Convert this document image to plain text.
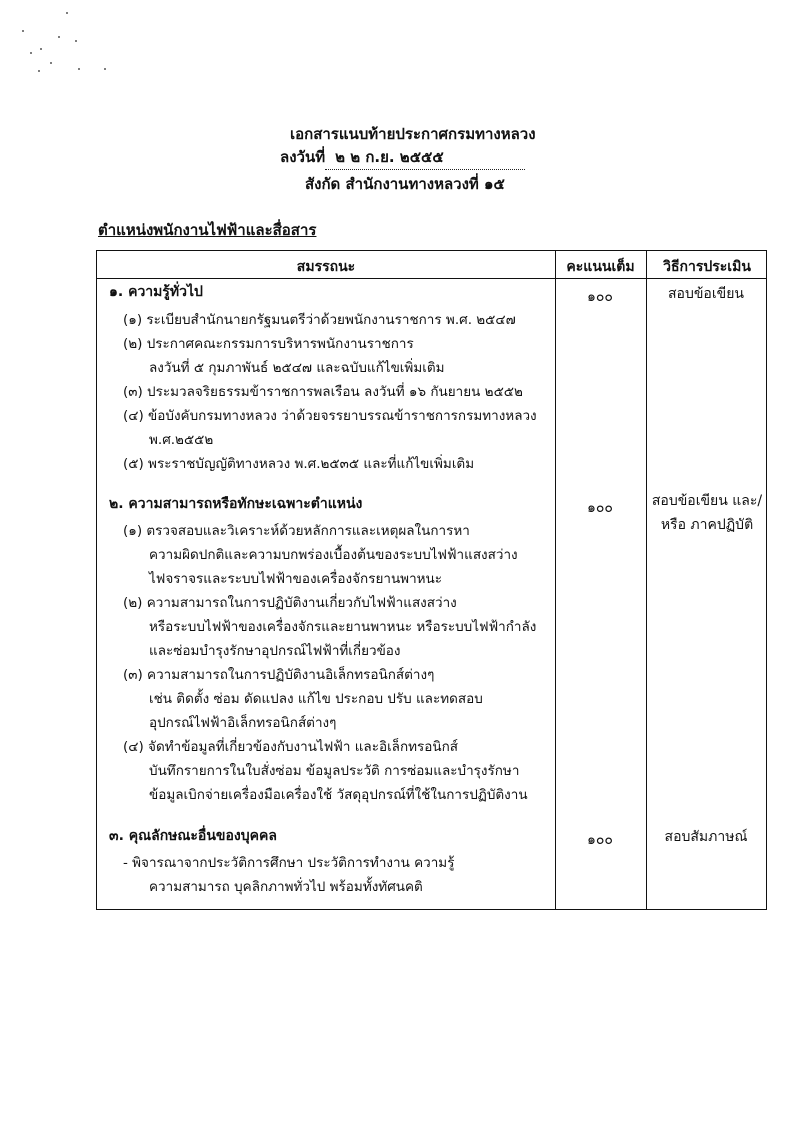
เอกสารแนบท้ายประกาศกรมทางหลวง
ลงวันที่ ๒ ๒ ก.ย. ๒๕๕๕
สังกัด สำนักงานทางหลวงที่ ๑๕
ตำแหน่งพนักงานไฟฟ้าและสื่อสาร
สมรรถนะ	คะแนนเต็ม	วิธีการประเมิน
๑. ความรู้ทั่วไป	๑๐๐	สอบข้อเขียน
(๑) ระเบียบสำนักนายกรัฐมนตรีว่าด้วยพนักงานราชการ พ.ศ. ๒๕๔๗
(๒) ประกาศคณะกรรมการบริหารพนักงานราชการ
ลงวันที่ ๕ กุมภาพันธ์ ๒๕๔๗ และฉบับแก้ไขเพิ่มเติม
(๓) ประมวลจริยธรรมข้าราชการพลเรือน ลงวันที่ ๑๖ กันยายน ๒๕๕๒
(๔) ข้อบังคับกรมทางหลวง ว่าด้วยจรรยาบรรณข้าราชการกรมทางหลวง
พ.ศ.๒๕๕๒
(๕) พระราชบัญญัติทางหลวง พ.ศ.๒๕๓๕ และที่แก้ไขเพิ่มเติม
๒. ความสามารถหรือทักษะเฉพาะตำแหน่ง	๑๐๐	สอบข้อเขียน และ/ หรือ ภาคปฏิบัติ
(๑) ตรวจสอบและวิเคราะห์ด้วยหลักการและเหตุผลในการหา
ความผิดปกติและความบกพร่องเบื้องต้นของระบบไฟฟ้าแสงสว่าง
ไฟจราจรและระบบไฟฟ้าของเครื่องจักรยานพาหนะ
(๒) ความสามารถในการปฏิบัติงานเกี่ยวกับไฟฟ้าแสงสว่าง
หรือระบบไฟฟ้าของเครื่องจักรและยานพาหนะ หรือระบบไฟฟ้ากำลัง
และซ่อมบำรุงรักษาอุปกรณ์ไฟฟ้าที่เกี่ยวข้อง
(๓) ความสามารถในการปฏิบัติงานอิเล็กทรอนิกส์ต่างๆ
เช่น ติดตั้ง ซ่อม ดัดแปลง แก้ไข ประกอบ ปรับ และทดสอบ
อุปกรณ์ไฟฟ้าอิเล็กทรอนิกส์ต่างๆ
(๔) จัดทำข้อมูลที่เกี่ยวข้องกับงานไฟฟ้า และอิเล็กทรอนิกส์
บันทึกรายการในใบสั่งซ่อม ข้อมูลประวัติ การซ่อมและบำรุงรักษา
ข้อมูลเบิกจ่ายเครื่องมือเครื่องใช้ วัสดุอุปกรณ์ที่ใช้ในการปฏิบัติงาน
๓. คุณลักษณะอื่นของบุคคล	๑๐๐	สอบสัมภาษณ์
- พิจารณาจากประวัติการศึกษา ประวัติการทำงาน ความรู้
ความสามารถ บุคลิกภาพทั่วไป พร้อมทั้งทัศนคติ
